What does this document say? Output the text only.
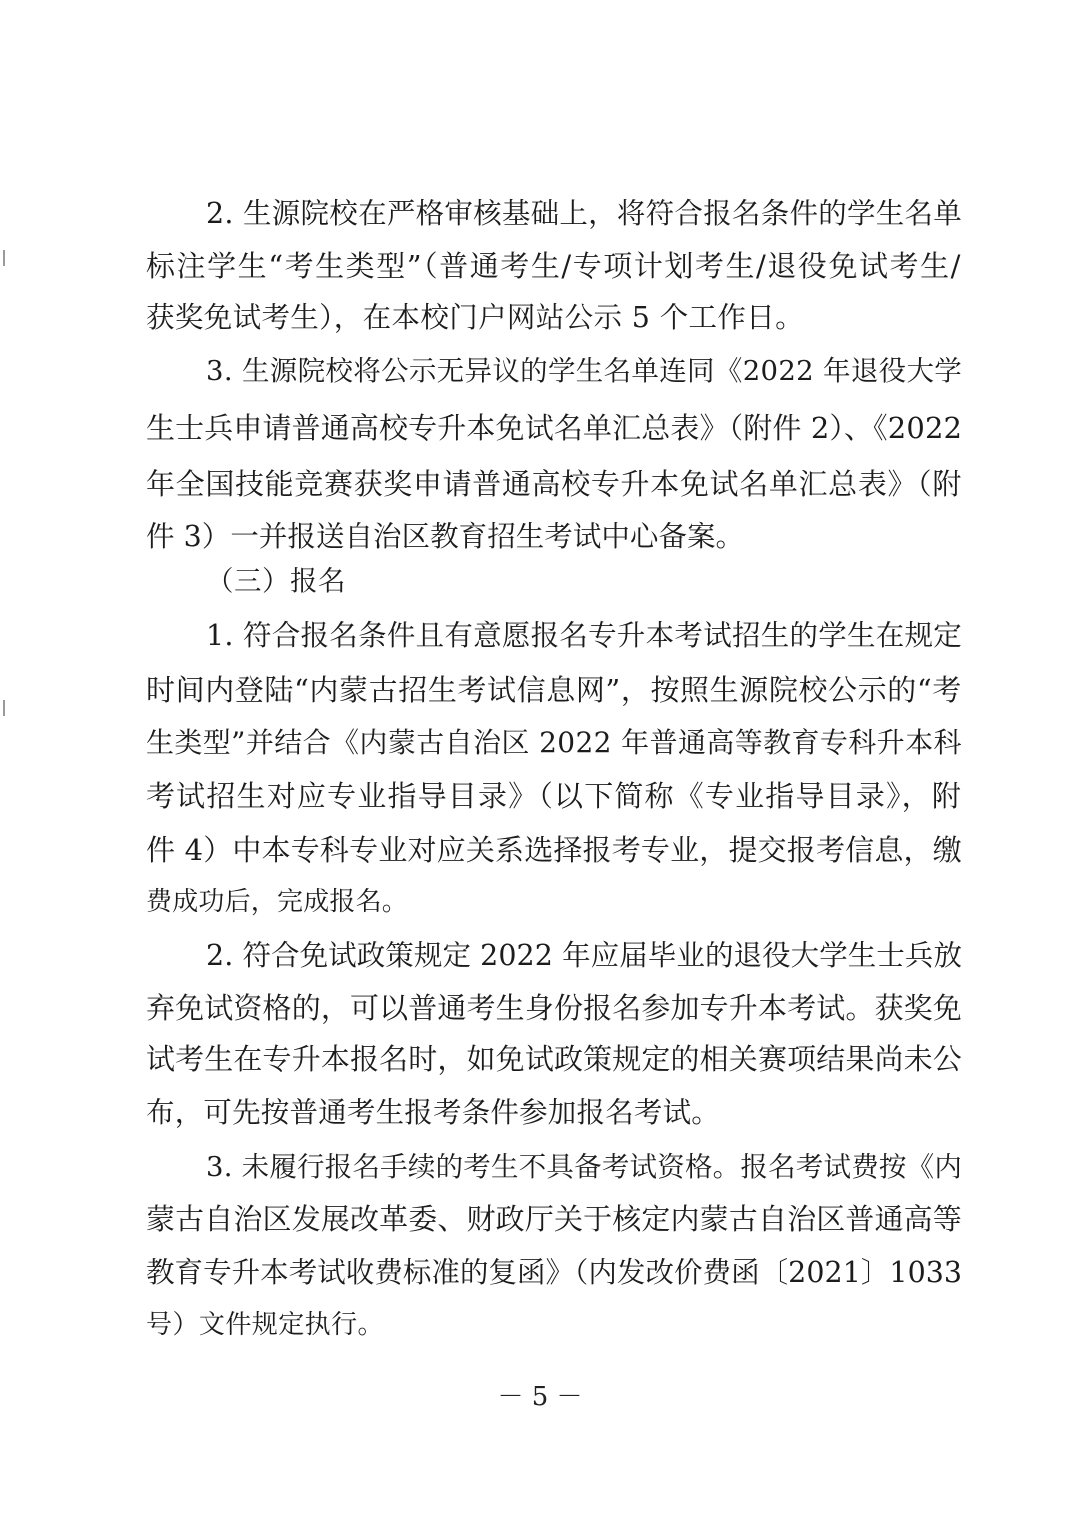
2. 生源院校在严格审核基础上，将符合报名条件的学生名单
标注学生“考生类型”（普通考生/专项计划考生/退役免试考生/
获奖免试考生），在本校门户网站公示 5 个工作日。
3. 生源院校将公示无异议的学生名单连同《2022 年退役大学
生士兵申请普通高校专升本免试名单汇总表》（附件 2）、《2022
年全国技能竞赛获奖申请普通高校专升本免试名单汇总表》（附
件 3）一并报送自治区教育招生考试中心备案。
（三）报名
1. 符合报名条件且有意愿报名专升本考试招生的学生在规定
时间内登陆“内蒙古招生考试信息网”，按照生源院校公示的“考
生类型”并结合《内蒙古自治区 2022 年普通高等教育专科升本科
考试招生对应专业指导目录》（以下简称《专业指导目录》，附
件 4）中本专科专业对应关系选择报考专业，提交报考信息，缴
费成功后，完成报名。
2. 符合免试政策规定 2022 年应届毕业的退役大学生士兵放
弃免试资格的，可以普通考生身份报名参加专升本考试。获奖免
试考生在专升本报名时，如免试政策规定的相关赛项结果尚未公
布，可先按普通考生报考条件参加报名考试。
3. 未履行报名手续的考生不具备考试资格。报名考试费按《内
蒙古自治区发展改革委、财政厅关于核定内蒙古自治区普通高等
教育专升本考试收费标准的复函》（内发改价费函〔2021〕1033
号）文件规定执行。
－ 5 －
